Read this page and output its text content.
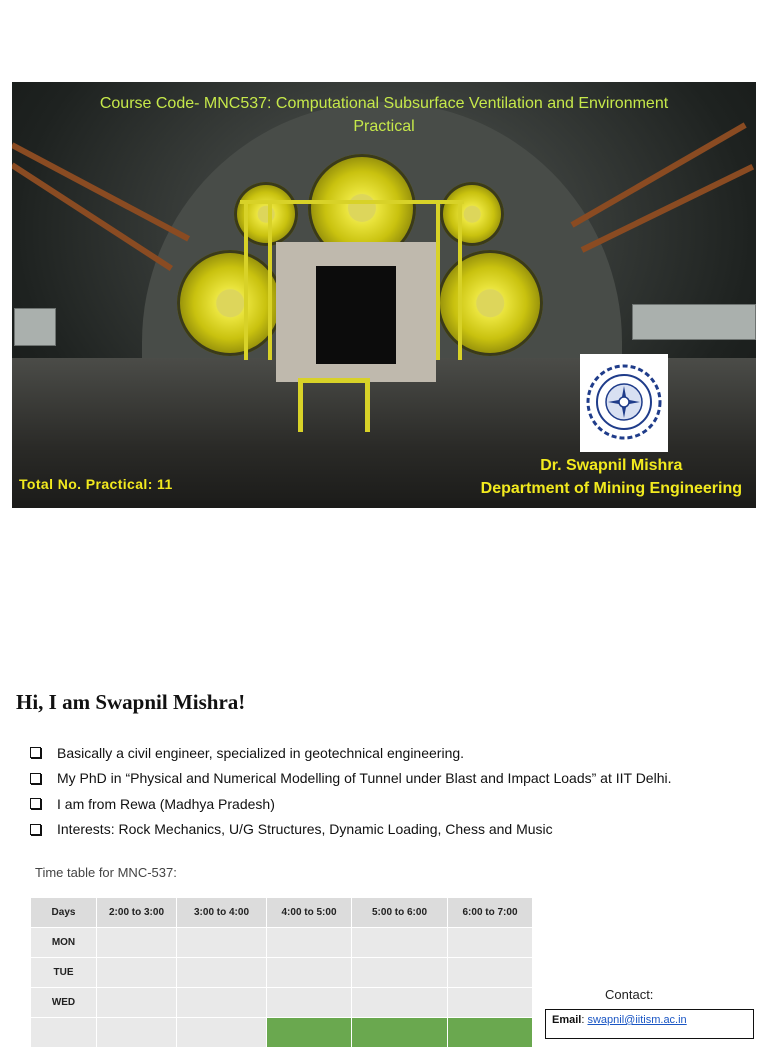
Course Code- MNC537: Computational Subsurface Ventilation and Environment Practical
Total No. Practical: 11
Dr. Swapnil Mishra
Department of Mining Engineering
Hi, I am Swapnil Mishra!
Basically a civil engineer, specialized in geotechnical engineering.
My PhD in “Physical and Numerical Modelling of Tunnel under Blast and Impact Loads” at IIT Delhi.
I am from Rewa (Madhya Pradesh)
Interests: Rock Mechanics, U/G Structures, Dynamic Loading, Chess and Music
Time table for MNC-537:
Days	2:00 to 3:00	3:00 to 4:00	4:00 to 5:00	5:00 to 6:00	6:00 to 7:00
MON					
TUE					
WED					

Contact:
Email: swapnil@iitism.ac.in
